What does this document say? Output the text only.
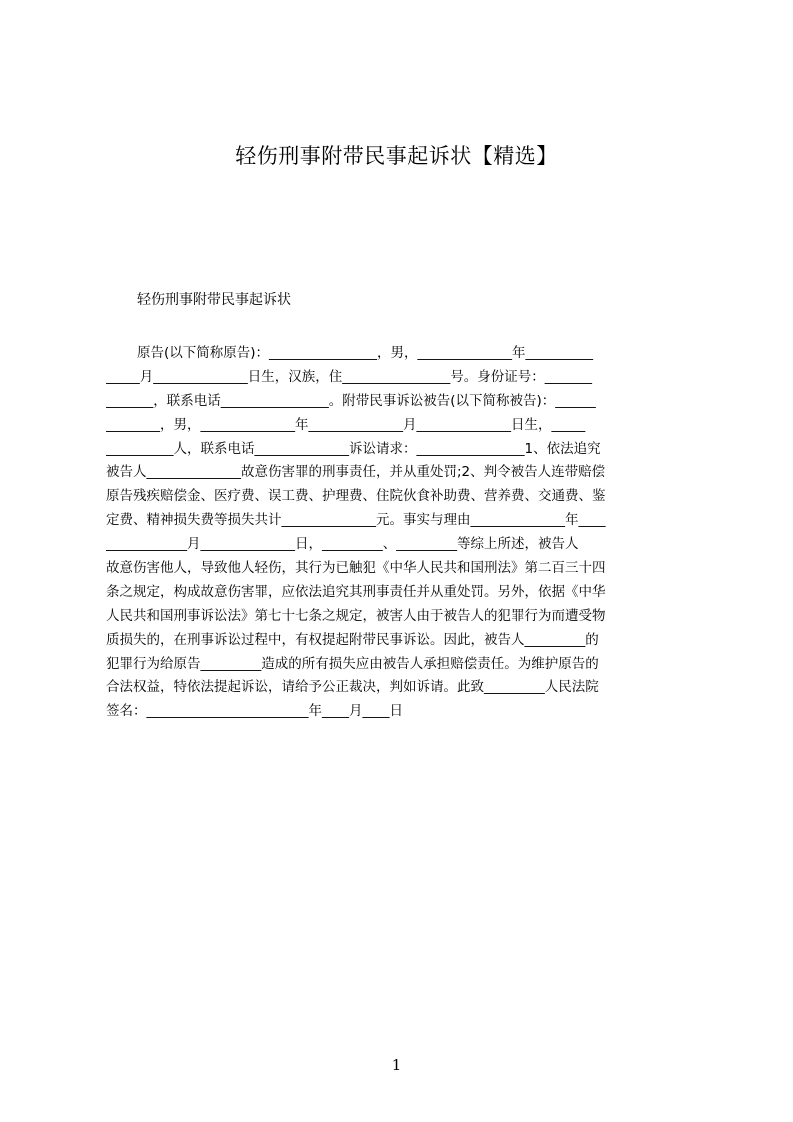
轻伤刑事附带民事起诉状【精选】

轻伤刑事附带民事起诉状

原告(以下简称原告)：________________，男，______________年__________
_____月______________日生，汉族，住________________号。身份证号：_______
_______，联系电话________________。附带民事诉讼被告(以下简称被告)：______
________，男，______________年______________月______________日生，_____
__________人，联系电话______________诉讼请求：________________1、依法追究
被告人______________故意伤害罪的刑事责任，并从重处罚;2、判令被告人连带赔偿
原告残疾赔偿金、医疗费、误工费、护理费、住院伙食补助费、营养费、交通费、鉴
定费、精神损失费等损失共计______________元。事实与理由______________年____
____________月______________日，_________、_________等综上所述，被告人
故意伤害他人，导致他人轻伤，其行为已触犯《中华人民共和国刑法》第二百三十四
条之规定，构成故意伤害罪，应依法追究其刑事责任并从重处罚。另外，依据《中华
人民共和国刑事诉讼法》第七十七条之规定，被害人由于被告人的犯罪行为而遭受物
质损失的，在刑事诉讼过程中，有权提起附带民事诉讼。因此，被告人_________的
犯罪行为给原告_________造成的所有损失应由被告人承担赔偿责任。为维护原告的
合法权益，特依法提起诉讼，请给予公正裁决，判如诉请。此致_________人民法院
签名：________________________年____月____日
1
